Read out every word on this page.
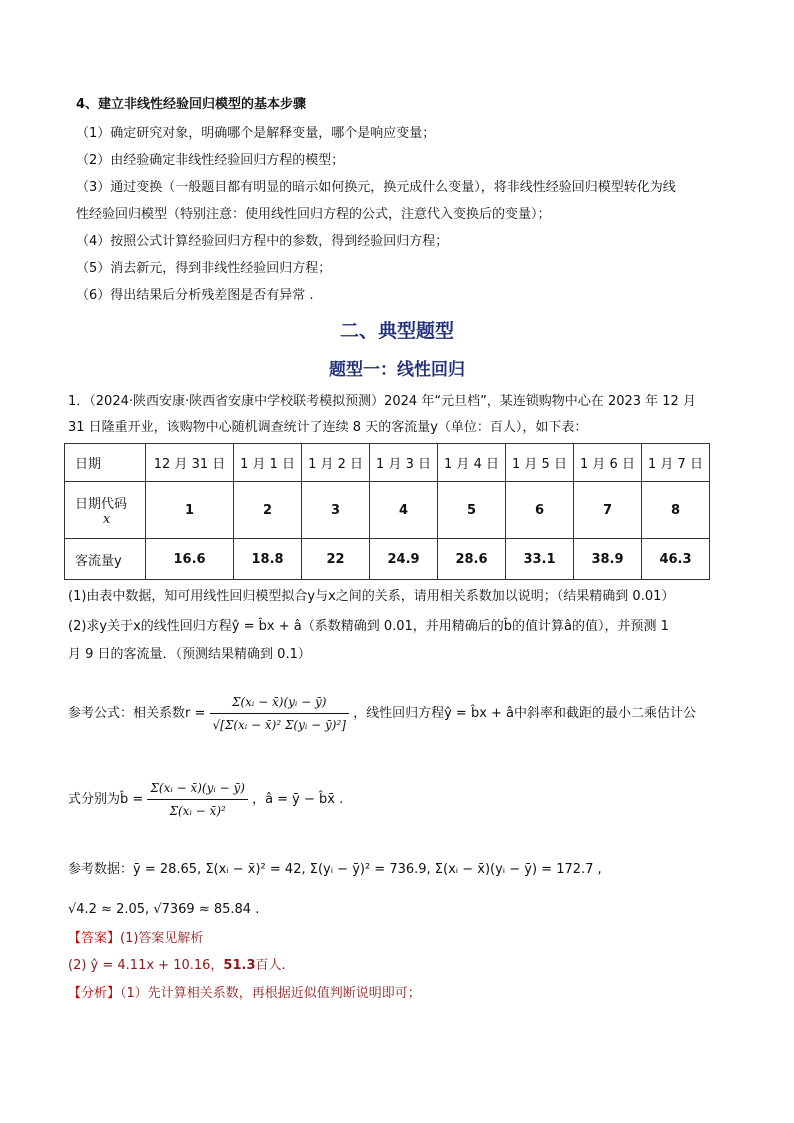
4、建立非线性经验回归模型的基本步骤
（1）确定研究对象，明确哪个是解释变量，哪个是响应变量；
（2）由经验确定非线性经验回归方程的模型；
（3）通过变换（一般题目都有明显的暗示如何换元，换元成什么变量），将非线性经验回归模型转化为线
性经验回归模型（特别注意：使用线性回归方程的公式，注意代入变换后的变量）；
（4）按照公式计算经验回归方程中的参数，得到经验回归方程；
（5）消去新元，得到非线性经验回归方程；
（6）得出结果后分析残差图是否有异常 .
二、典型题型
题型一：线性回归
1．（2024·陕西安康·陕西省安康中学校联考模拟预测）2024 年“元旦档”，某连锁购物中心在 2023 年 12 月
31 日隆重开业，该购物中心随机调查统计了连续 8 天的客流量y（单位：百人），如下表：
日期	12 月 31 日	1 月 1 日	1 月 2 日	1 月 3 日	1 月 4 日	1 月 5 日	1 月 6 日	1 月 7 日

日期代码
x	1	2	3	4	5	6	7	8
客流量y	16.6	18.8	22	24.9	28.6	33.1	38.9	46.3
(1)由表中数据，知可用线性回归模型拟合y与x之间的关系，请用相关系数加以说明；（结果精确到 0.01）
(2)求y关于x的线性回归方程ŷ = b̂x + â（系数精确到 0.01，并用精确后的b̂的值计算â的值），并预测 1
月 9 日的客流量．（预测结果精确到 0.1）
参考公式：相关系数$r = \frac{\text{Σ(xᵢ − x̄)(yᵢ − ȳ)}}{\text{√[Σ(xᵢ − x̄)² Σ(yᵢ − ȳ)²]}}$ ，线性回归方程ŷ = b̂x + â中斜率和截距的最小二乘估计公
式分别为b̂ = $\frac{\text{Σ(xᵢ − x̄)(yᵢ − ȳ)}}{\text{Σ(xᵢ − x̄)²}}$ ，â = ȳ − b̂x̄ .
参考数据：ȳ = 28.65, Σ(xᵢ − x̄)² = 42, Σ(yᵢ − ȳ)² = 736.9, Σ(xᵢ − x̄)(yᵢ − ȳ) = 172.7 ,
√4.2 ≈ 2.05, √7369 ≈ 85.84 .
【答案】(1)答案见解析
(2) ŷ = 4.11x + 10.16，51.3百人.
【分析】（1）先计算相关系数，再根据近似值判断说明即可；
